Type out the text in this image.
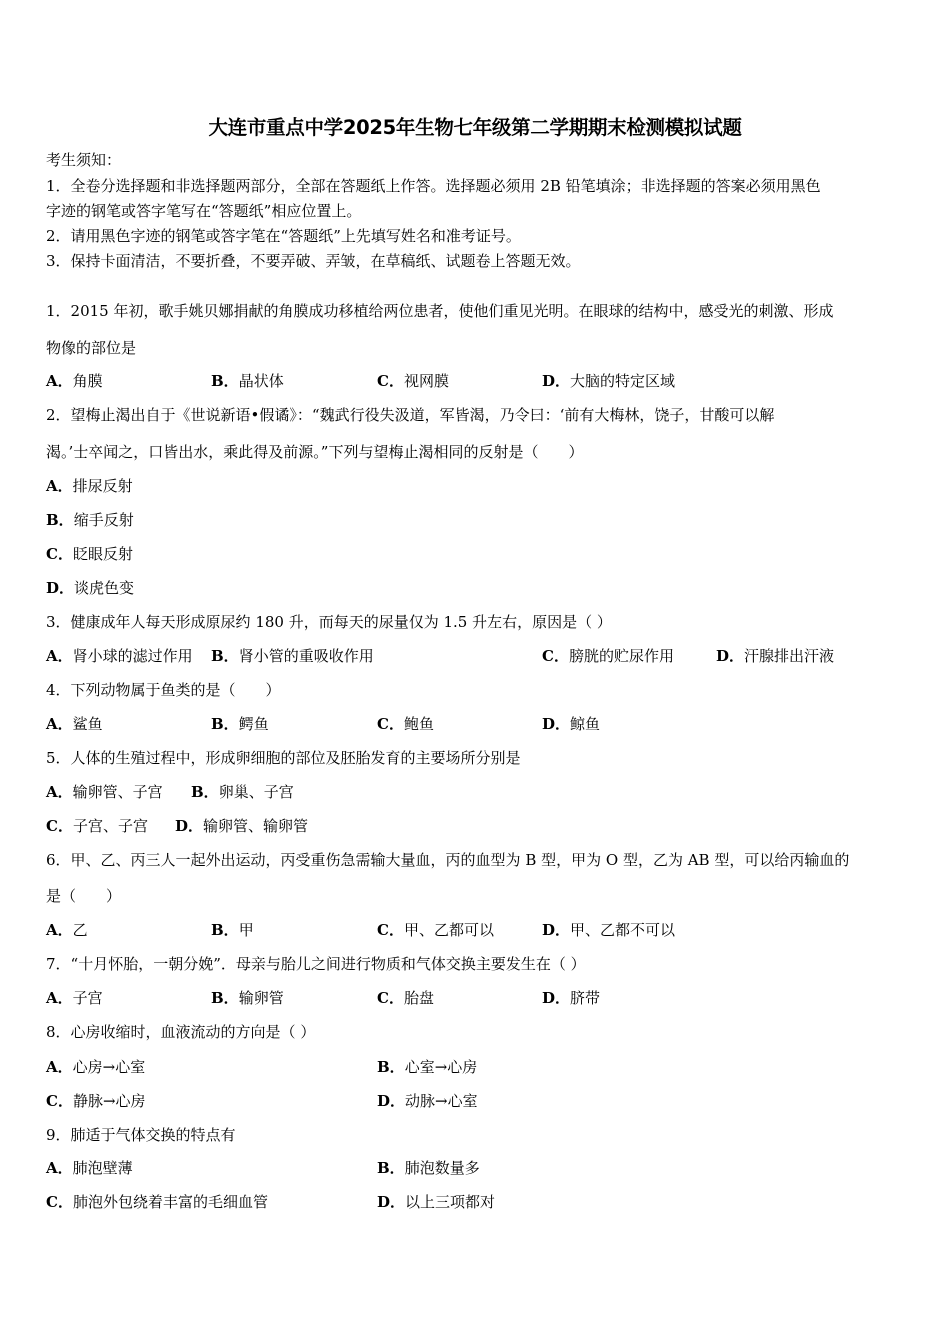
大连市重点中学2025年生物七年级第二学期期末检测模拟试题
考生须知：
1．全卷分选择题和非选择题两部分，全部在答题纸上作答。选择题必须用 2B 铅笔填涂；非选择题的答案必须用黑色
字迹的钢笔或答字笔写在“答题纸”相应位置上。
2．请用黑色字迹的钢笔或答字笔在“答题纸”上先填写姓名和准考证号。
3．保持卡面清洁，不要折叠，不要弄破、弄皱，在草稿纸、试题卷上答题无效。
1．2015 年初，歌手姚贝娜捐献的角膜成功移植给两位患者，使他们重见光明。在眼球的结构中，感受光的刺激、形成
物像的部位是
A．角膜	B．晶状体	C．视网膜	D．大脑的特定区域
2．望梅止渴出自于《世说新语•假谲》：“魏武行役失汲道，军皆渴，乃令曰：‘前有大梅林，饶子，甘酸可以解
渴。’士卒闻之，口皆出水，乘此得及前源。”下列与望梅止渴相同的反射是（　　）
A．排尿反射
B．缩手反射
C．眨眼反射
D．谈虎色变
3．健康成年人每天形成原尿约 180 升，而每天的尿量仅为 1.5 升左右，原因是（ ）
A．肾小球的滤过作用 B．肾小管的重吸收作用	C．膀胱的贮尿作用	D．汗腺排出汗液
4．下列动物属于鱼类的是（　　）
A．鲨鱼	B．鳄鱼	C．鲍鱼	D．鲸鱼
5．人体的生殖过程中，形成卵细胞的部位及胚胎发育的主要场所分别是
A．输卵管、子宫 B．卵巢、子宫
C．子宫、子宫 D．输卵管、输卵管
6．甲、乙、丙三人一起外出运动，丙受重伤急需输大量血，丙的血型为 B 型，甲为 O 型，乙为 AB 型，可以给丙输血的
是（　　）
A．乙	B．甲	C．甲、乙都可以	D．甲、乙都不可以
7．“十月怀胎，一朝分娩”．母亲与胎儿之间进行物质和气体交换主要发生在（ ）
A．子宫	B．输卵管	C．胎盘	D．脐带
8．心房收缩时，血液流动的方向是（ ）
A．心房→心室	B．心室→心房
C．静脉→心房	D．动脉→心室
9．肺适于气体交换的特点有
A．肺泡壁薄	B．肺泡数量多
C．肺泡外包绕着丰富的毛细血管	D．以上三项都对
